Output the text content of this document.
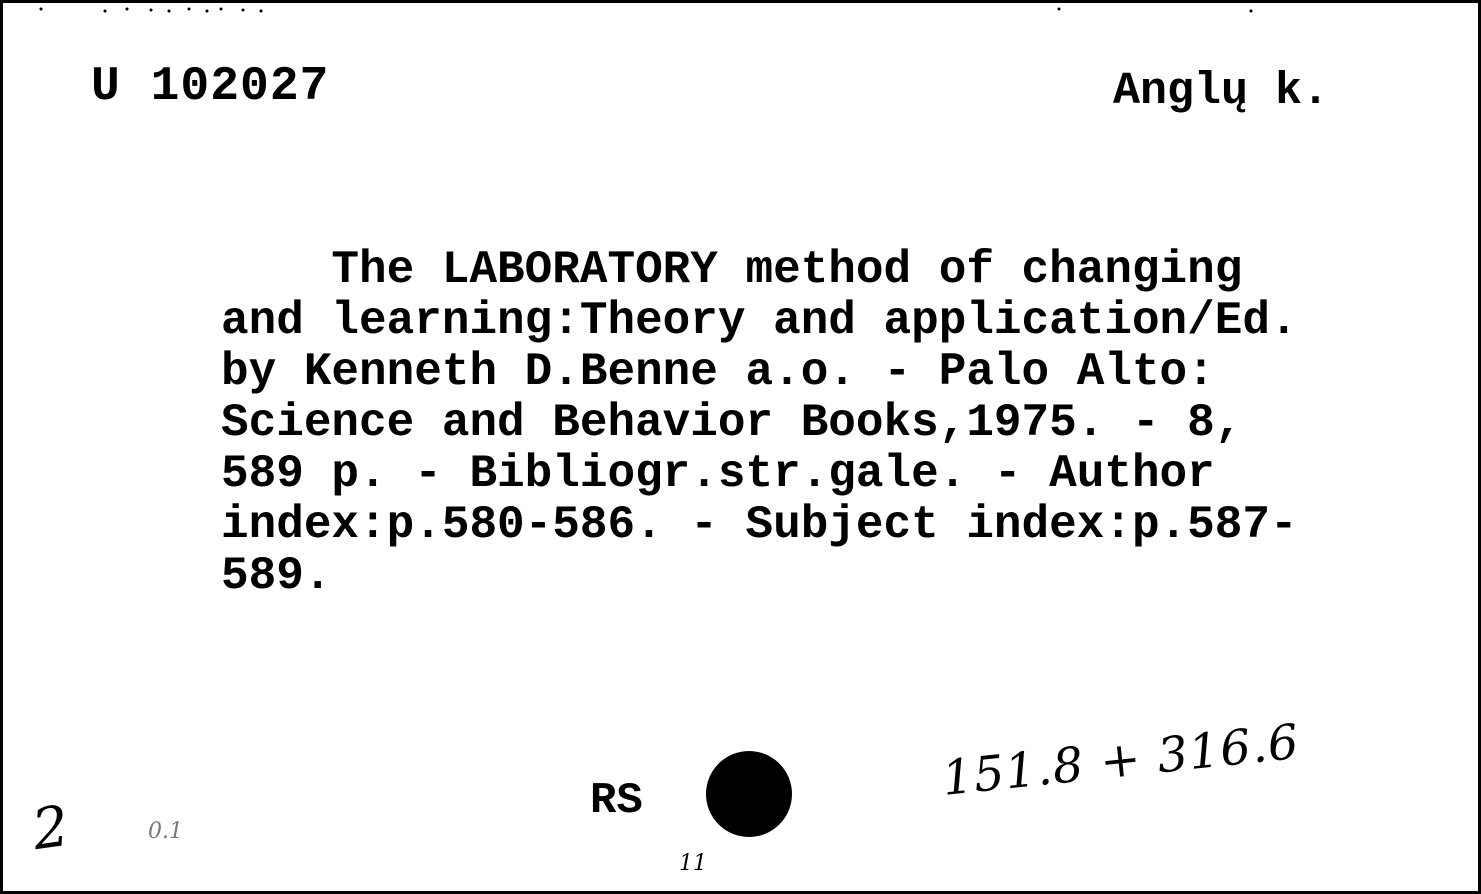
U 102027	Anglų k.
The LABORATORY method of changing
and learning:Theory and application/Ed.
by Kenneth D.Benne a.o. - Palo Alto:
Science and Behavior Books,1975. - 8,
589 p. - Bibliogr.str.gale. - Author
index:p.580-586. - Subject index:p.587-
589.
RS	151.8 + 316.6
2	0.1
11
